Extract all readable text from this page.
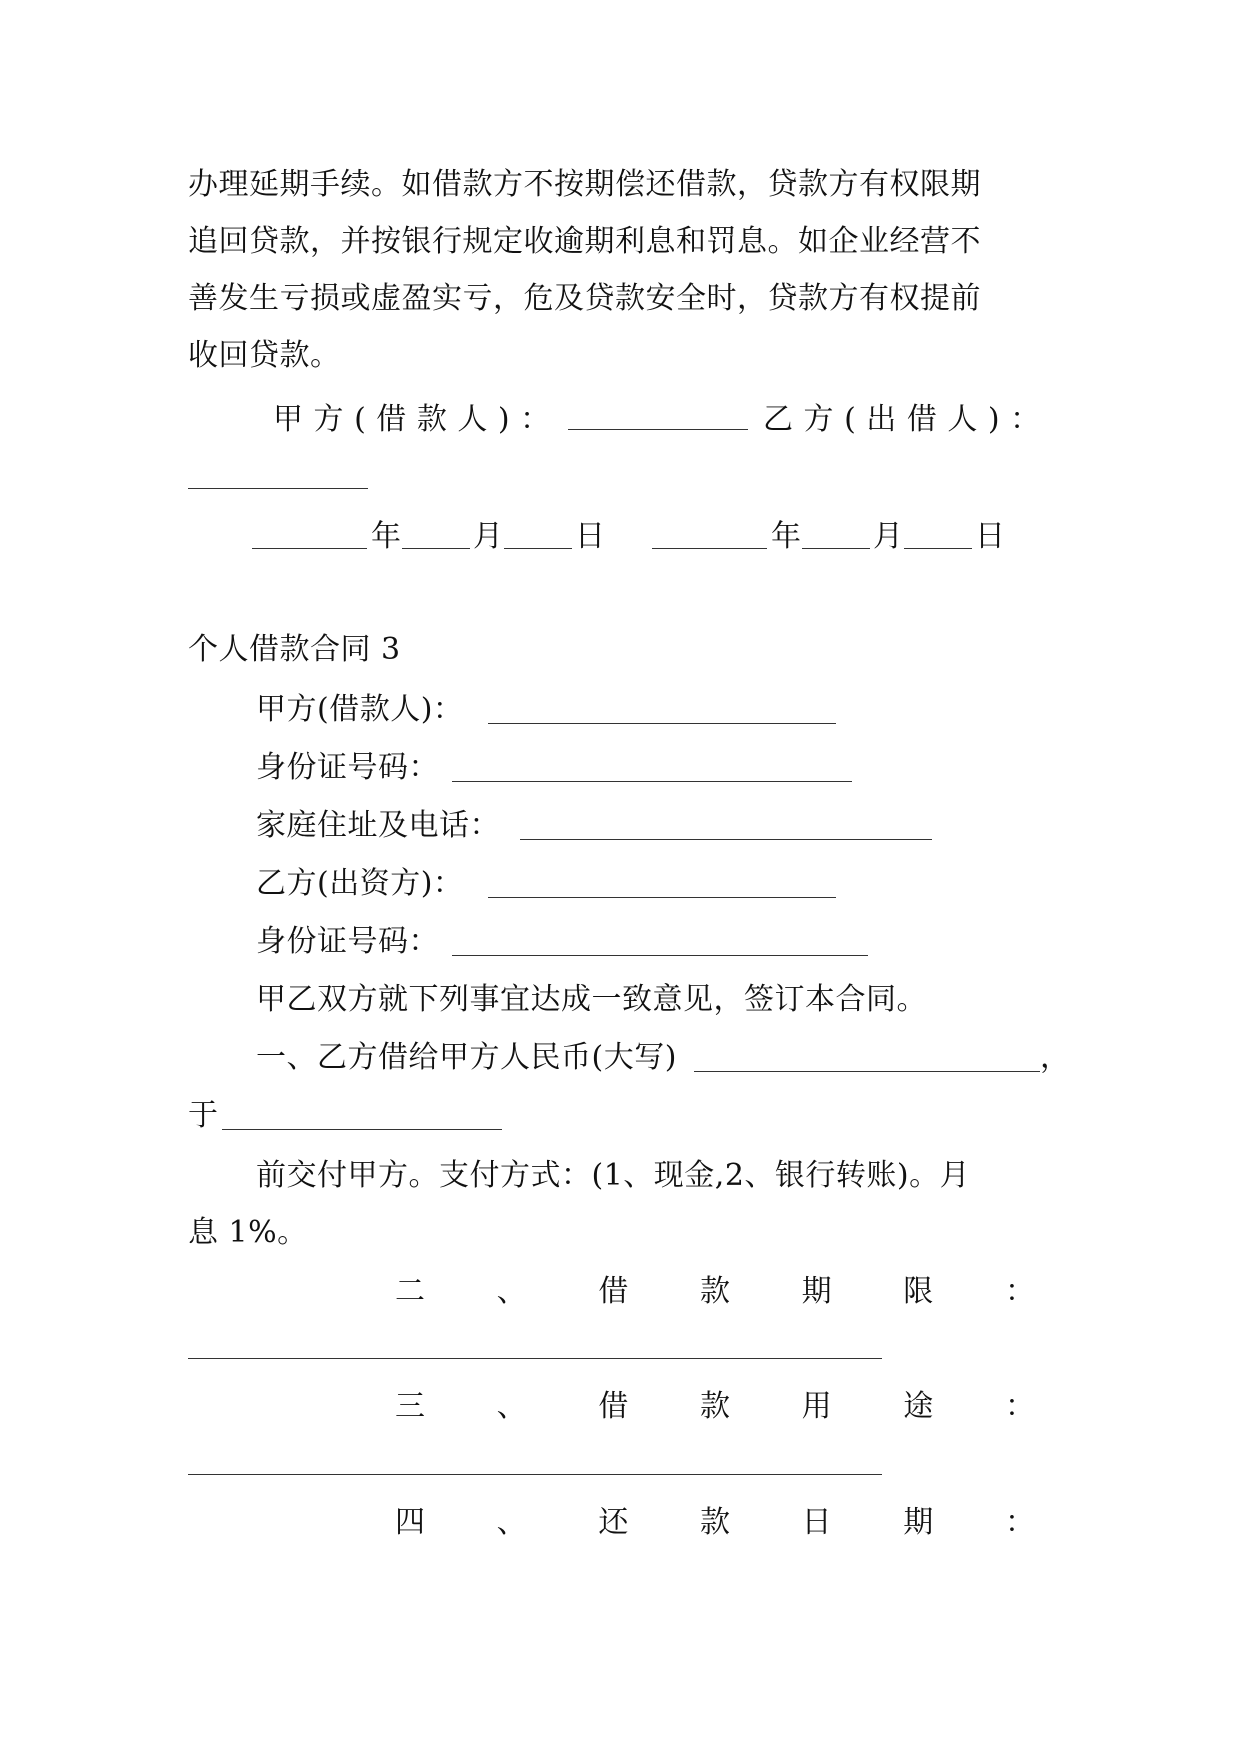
办理延期手续。如借款方不按期偿还借款，贷款方有权限期
追回贷款，并按银行规定收逾期利息和罚息。如企业经营不
善发生亏损或虚盈实亏，危及贷款安全时，贷款方有权提前
收回贷款。
甲 方 ( 借 款 人 ) ：	乙 方 ( 出 借 人 ) ：
年 月 日	年 月 日
个人借款合同 3
甲方(借款人)：
身份证号码：
家庭住址及电话：
乙方(出资方)：
身份证号码：
甲乙双方就下列事宜达成一致意见，签订本合同。
一、乙方借给甲方人民币(大写)	，
于
前交付甲方。支付方式：(1、现金,2、银行转账)。月
息 1%。
二 、 借 款 期 限 ：
三 、 借 款 用 途 ：
四 、 还 款 日 期 ：
